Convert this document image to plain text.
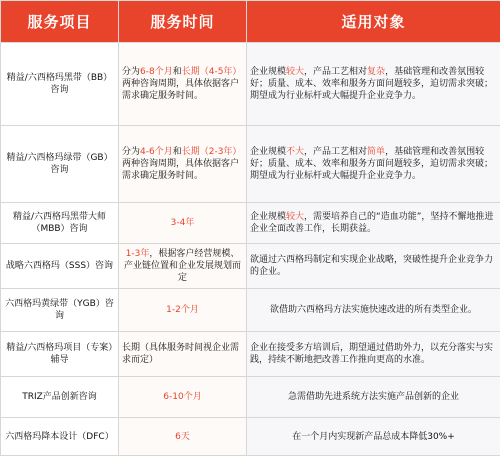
服务项目	服务时间	适用对象
精益/六西格玛黑带（BB）咨询	分为6-8个月和长期（4-5年）两种咨询周期，具体依据客户需求确定服务时间。	企业规模较大，产品工艺相对复杂，基础管理和改善氛围较好；质量、成本、效率和服务方面问题较多，迫切需求突破；期望成为行业标杆或大幅提升企业竞争力。
精益/六西格玛绿带（GB）咨询	分为4-6个月和长期（2-3年）两种咨询周期，具体依据客户需求确定服务时间。	企业规模不大，产品工艺相对简单，基础管理和改善氛围较好；质量、成本、效率和服务方面问题较多，迫切需求突破；期望成为行业标杆或大幅提升企业竞争力。
精益/六西格玛黑带大师（MBB）咨询	3-4年	企业规模较大，需要培养自己的“造血功能”，坚持不懈地推进企业全面改善工作，长期获益。
战略六西格玛（SSS）咨询	1-3年，根据客户经营规模、产业链位置和企业发展规划而定	欲通过六西格玛制定和实现企业战略，突破性提升企业竞争力的企业。
六西格玛黄绿带（YGB）咨询	1-2个月	欲借助六西格玛方法实施快速改进的所有类型企业。
精益/六西格玛项目（专案）辅导	长期（具体服务时间视企业需求而定）	企业在接受多方培训后，期望通过借助外力，以充分落实与实践，持续不断地把改善工作推向更高的水准。
TRIZ产品创新咨询	6-10个月	急需借助先进系统方法实施产品创新的企业
六西格玛降本设计（DFC）	6天	在一个月内实现新产品总成本降低30%+
